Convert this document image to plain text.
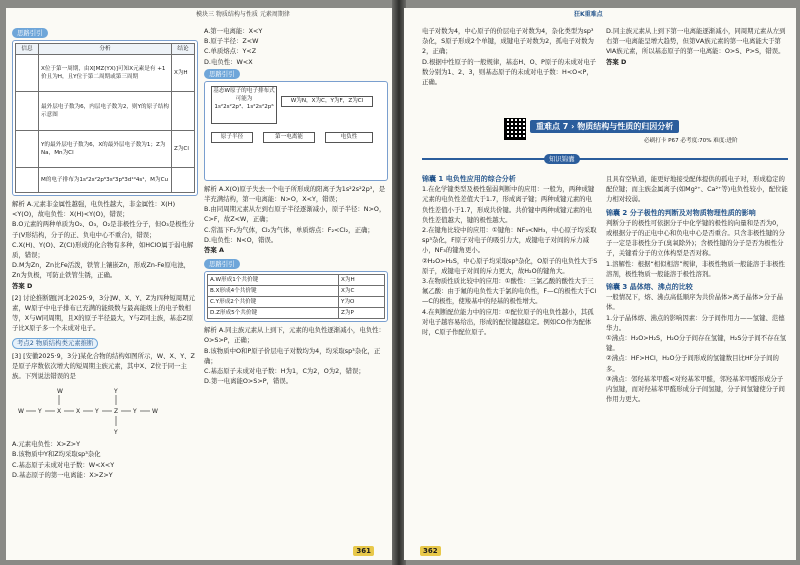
模块三 物质结构与性质 元素周期律
思路引引
信息	分析	结论
	X位于第一周期，由X[MZ(YX)]可知X元素是有 +1价且为H，且Y位于第二周期或第三周期	X为H
	最外层电子数为6，内层电子数为2，则Y的原子结构示意图	
	Y的最外层电子数为6，X的最外层电子数为1；Z为Na，Mn为Cl	Z为Cl
	M的电子排布为1s²2s²2p⁶3s²3p⁶3d¹⁰4s¹，M为Cu	

解析 A.元素非金属性越强，电负性越大，非金属性：X(H)<Y(O)，故电负性：X(H)<Y(O)，错误；

B.O元素的两种单质为O₂、O₃，O₂是非极性分子，但O₃是极性分子(V形结构，分子的正、负电中心不重合)，错误；

C.X(H)、Y(O)、Z(Cl)形成的化合物有多种，如HClO属于弱电解质，错误；

D.M为Zn，Zn比Fe活泼，铁管上镶嵌Zn，形成Zn-Fe原电池，Zn为负极，可防止铁管生锈，正确。

答案 D

[2] 讨论推断题[河北2025·9，3分]W、X、Y、Z为四种短周期元素，W原子中电子排布已充满的能级数与最高能级上的电子数相等，X与W同周期，且X的原子半径最大，Y与Z同主族，基态Z原子比X原子多一个未成对电子。

考点2 物质结构类元素推断

[3] [安徽2025·9，3分]某化合物的结构如图所示，W、X、Y、Z是原子序数依次增大的短周期主族元素，其中X、Z位于同一主族。下列说法错误的是

W Y	X
W
X Y	Z
Y
Y
Y	W

A.元素电负性：X>Z>Y

B.该物质中Y和Z均采取sp³杂化

C.基态原子未成对电子数：W<X<Y

D.基态原子的第一电离能：X>Z>Y

A.第一电离能：X<Y

B.原子半径：Z<W

C.单质熔点：Y<Z

D.电负性：W<X

思路引引
基态W原子的电子排布式可能为
1s²2s²2p³、1s²2s²2p⁶
W为N，X为C，Y为F，Z为Cl
原子半径	第一电离能	电负性

解析 A.X(O)原子失去一个电子所形成的阳离子为1s²2s²2p³，是半充满结构，第一电离能：N>O，X<Y，错误；

B.由同周期元素从左到右原子半径逐渐减小，原子半径：N>O，C>F，故Z<W，正确；

C.常温下F₂为气体，Cl₂为气体，单质熔点：F₂<Cl₂，正确；

D.电负性：N<O，错误。

答案 A

思路引引
A.W形成1个共价键	X为H
B.X形成4个共价键	X为C
C.Y形成2个共价键	Y为O
D.Z形成5个共价键	Z为P

解析 A.同主族元素从上到下，元素的电负性逐渐减小，电负性：O>S>P，正确；

B.该物质中O和P原子价层电子对数均为4，均采取sp³杂化，正确；

C.基态原子未成对电子数：H为1，C为2，O为2，错误；

D.第一电离能O>S>P，错误。

361
狂K重难点

电子对数为4，中心原子的价层电子对数为4，杂化类型为sp³杂化，S原子形成2个单键，成键电子对数为2，孤电子对数为2，正确；

D.根据中性原子的一般规律，基态H、O、P原子的未成对电子数分别为1、2、3，则基态原子的未成对电子数：H<O<P，正确。

D.同主族元素从上到下第一电离能逐渐减小，同周期元素从左到右第一电离能呈增大趋势，但第ⅤA族元素的第一电离能大于第ⅥA族元素，所以基态原子的第一电离能：O>S、P>S，错误。

答案 D

重难点 7 › 物质结构与性质的归因分析
必刷打卡 P67 必考度:70% 难度:进阶
知识锦囊

锦囊 1 电负性应用的综合分析

1.在化学键类型及极性强弱判断中的应用：一般为，两种成键元素的电负性差值大于1.7，形成离子键；两种成键元素的电负性差值小于1.7，形成共价键。共价键中两种成键元素的电负性差值越大，键的极性越大。

2.在键角比较中的应用：①键角：NF₃<NH₃，中心原子均采取sp³杂化，F原子对电子的吸引力大，成键电子对间的斥力减小，NF₃的键角更小。

②H₂O>H₂S，中心原子均采取sp³杂化，O原子的电负性大于S原子，成键电子对间的斥力更大，故H₂O的键角大。

3.在物质性质比较中的应用：①酸性：三氯乙酸的酸性大于三氟乙酸：由于氟的电负性大于氯的电负性，F—C的极性大于Cl—C的极性，使羧基中的羟基的极性增大。

4.在判断配位能力中的应用：①配位原子的电负性越小，其孤对电子越容易给出，形成的配位键越稳定。例如CO作为配体时，C原子作配位原子。

且具有空轨道，能更好地接受配体提供的孤电子对，形成稳定的配位键；而主族金属离子(如Mg²⁺、Ca²⁺等)电负性较小，配位能力相对较弱。

锦囊 2 分子极性的判断及对物质物理性质的影响

判断分子的极性可依据分子中化学键的极性的向量和是否为0，或根据分子的正电中心和负电中心是否重合。只含非极性键的分子一定是非极性分子(臭氧除外)；含极性键的分子是否为极性分子，关键看分子的立体构型是否对称。

1.溶解性：根据“相似相溶”规律，非极性物质一般能溶于非极性溶剂，极性物质一般能溶于极性溶剂。

锦囊 3 晶体熔、沸点的比较

一般情况下，熔、沸点高低顺序为共价晶体>离子晶体>分子晶体。

1.分子晶体熔、沸点的影响因素：分子间作用力——氢键、范德华力。

①沸点：H₂O>H₂S，H₂O分子间存在氢键，H₂S分子间不存在氢键。

②沸点：HF>HCl，H₂O分子间形成的氢键数目比HF分子间的多。

③沸点：邻羟基苯甲醛<对羟基苯甲醛，邻羟基苯甲醛形成分子内氢键，而对羟基苯甲醛形成分子间氢键，分子间氢键使分子间作用力更大。

362
